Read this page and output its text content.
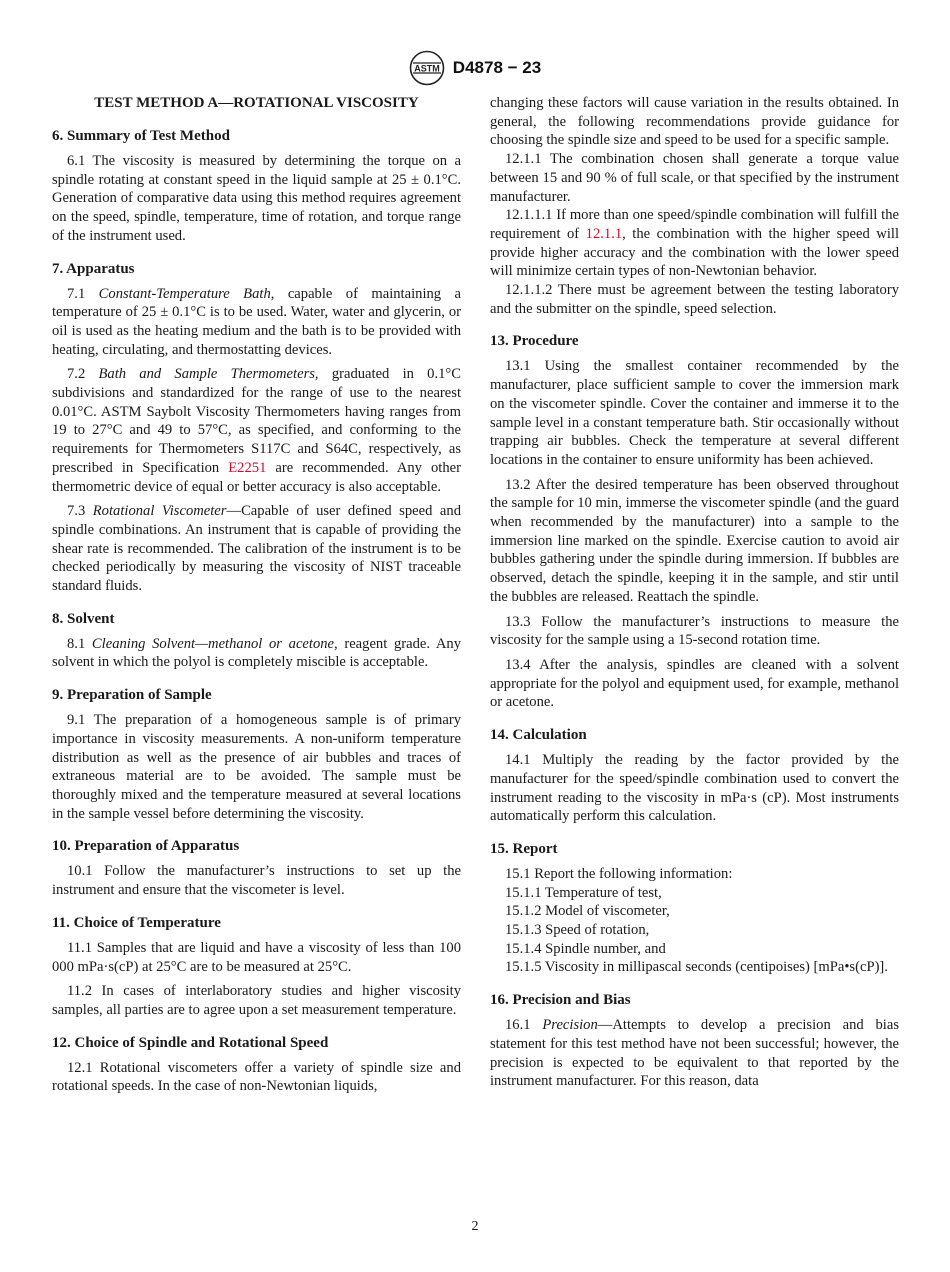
ASTM D4878 − 23
TEST METHOD A—ROTATIONAL VISCOSITY
6. Summary of Test Method

6.1 The viscosity is measured by determining the torque on a spindle rotating at constant speed in the liquid sample at 25 ± 0.1°C. Generation of comparative data using this method requires agreement on the speed, spindle, temperature, time of rotation, and torque range of the instrument used.

7. Apparatus

7.1 Constant-Temperature Bath, capable of maintaining a temperature of 25 ± 0.1°C is to be used. Water, water and glycerin, or oil is used as the heating medium and the bath is to be provided with heating, circulating, and thermostatting devices.

7.2 Bath and Sample Thermometers, graduated in 0.1°C subdivisions and standardized for the range of use to the nearest 0.01°C. ASTM Saybolt Viscosity Thermometers having ranges from 19 to 27°C and 49 to 57°C, as specified, and conforming to the requirements for Thermometers S117C and S64C, respectively, as prescribed in Specification E2251 are recommended. Any other thermometric device of equal or better accuracy is also acceptable.

7.3 Rotational Viscometer—Capable of user defined speed and spindle combinations. An instrument that is capable of providing the shear rate is recommended. The calibration of the instrument is to be checked periodically by measuring the viscosity of NIST traceable standard fluids.

8. Solvent

8.1 Cleaning Solvent—methanol or acetone, reagent grade. Any solvent in which the polyol is completely miscible is acceptable.

9. Preparation of Sample

9.1 The preparation of a homogeneous sample is of primary importance in viscosity measurements. A non-uniform temperature distribution as well as the presence of air bubbles and traces of extraneous material are to be avoided. The sample must be thoroughly mixed and the temperature measured at several locations in the sample vessel before determining the viscosity.

10. Preparation of Apparatus

10.1 Follow the manufacturer’s instructions to set up the instrument and ensure that the viscometer is level.

11. Choice of Temperature

11.1 Samples that are liquid and have a viscosity of less than 100 000 mPa·s(cP) at 25°C are to be measured at 25°C.

11.2 In cases of interlaboratory studies and higher viscosity samples, all parties are to agree upon a set measurement temperature.

12. Choice of Spindle and Rotational Speed

12.1 Rotational viscometers offer a variety of spindle size and rotational speeds. In the case of non-Newtonian liquids,

changing these factors will cause variation in the results obtained. In general, the following recommendations provide guidance for choosing the spindle size and speed to be used for a specific sample.

12.1.1 The combination chosen shall generate a torque value between 15 and 90 % of full scale, or that specified by the instrument manufacturer.

12.1.1.1 If more than one speed/spindle combination will fulfill the requirement of 12.1.1, the combination with the higher speed will provide higher accuracy and the combination with the lower speed will minimize certain types of non-Newtonian behavior.

12.1.1.2 There must be agreement between the testing laboratory and the submitter on the spindle, speed selection.

13. Procedure

13.1 Using the smallest container recommended by the manufacturer, place sufficient sample to cover the immersion mark on the viscometer spindle. Cover the container and immerse it to the sample level in a constant temperature bath. Stir occasionally without trapping air bubbles. Check the temperature at several different locations in the container to ensure uniformity has been achieved.

13.2 After the desired temperature has been observed throughout the sample for 10 min, immerse the viscometer spindle (and the guard when recommended by the manufacturer) into a sample to the immersion line marked on the spindle. Exercise caution to avoid air bubbles gathering under the spindle during immersion. If bubbles are observed, detach the spindle, keeping it in the sample, and stir until the bubbles are released. Reattach the spindle.

13.3 Follow the manufacturer’s instructions to measure the viscosity for the sample using a 15-second rotation time.

13.4 After the analysis, spindles are cleaned with a solvent appropriate for the polyol and equipment used, for example, methanol or acetone.

14. Calculation

14.1 Multiply the reading by the factor provided by the manufacturer for the speed/spindle combination used to convert the instrument reading to the viscosity in mPa·s (cP). Most instruments automatically perform this calculation.

15. Report

15.1 Report the following information:

15.1.1 Temperature of test,

15.1.2 Model of viscometer,

15.1.3 Speed of rotation,

15.1.4 Spindle number, and

15.1.5 Viscosity in millipascal seconds (centipoises) [mPa•s(cP)].

16. Precision and Bias

16.1 Precision—Attempts to develop a precision and bias statement for this test method have not been successful; however, the precision is expected to be equivalent to that reported by the instrument manufacturer. For this reason, data

2
